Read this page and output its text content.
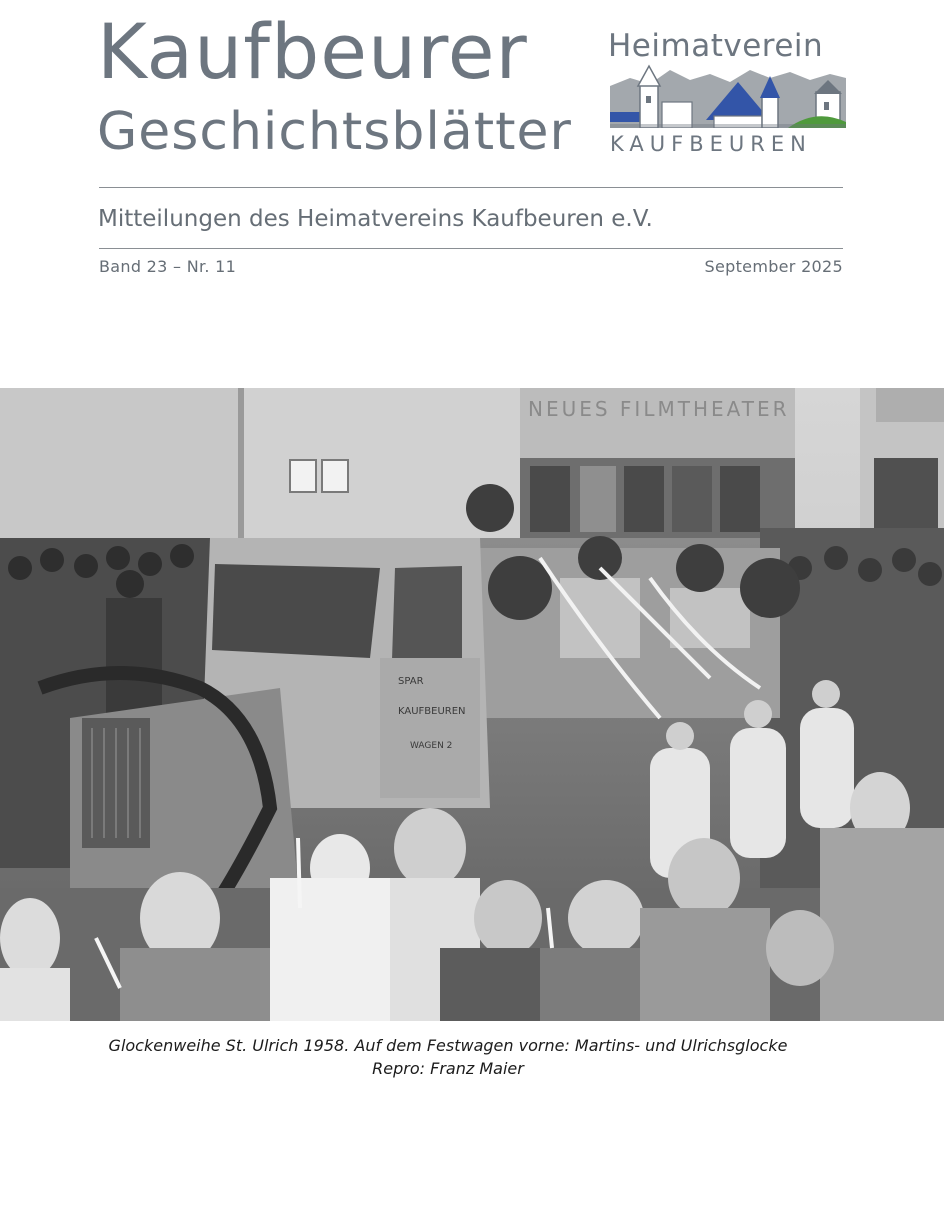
Kaufbeurer
Geschichtsblätter
Heimatverein
KAUFBEUREN
Mitteilungen des Heimatvereins Kaufbeuren e.V.
Band 23 – Nr. 11	September 2025
NEUES FILMTHEATER
SPAR
KAUFBEUREN
WAGEN 2
Glockenweihe St. Ulrich 1958. Auf dem Festwagen vorne: Martins- und Ulrichsglocke
Repro: Franz Maier
